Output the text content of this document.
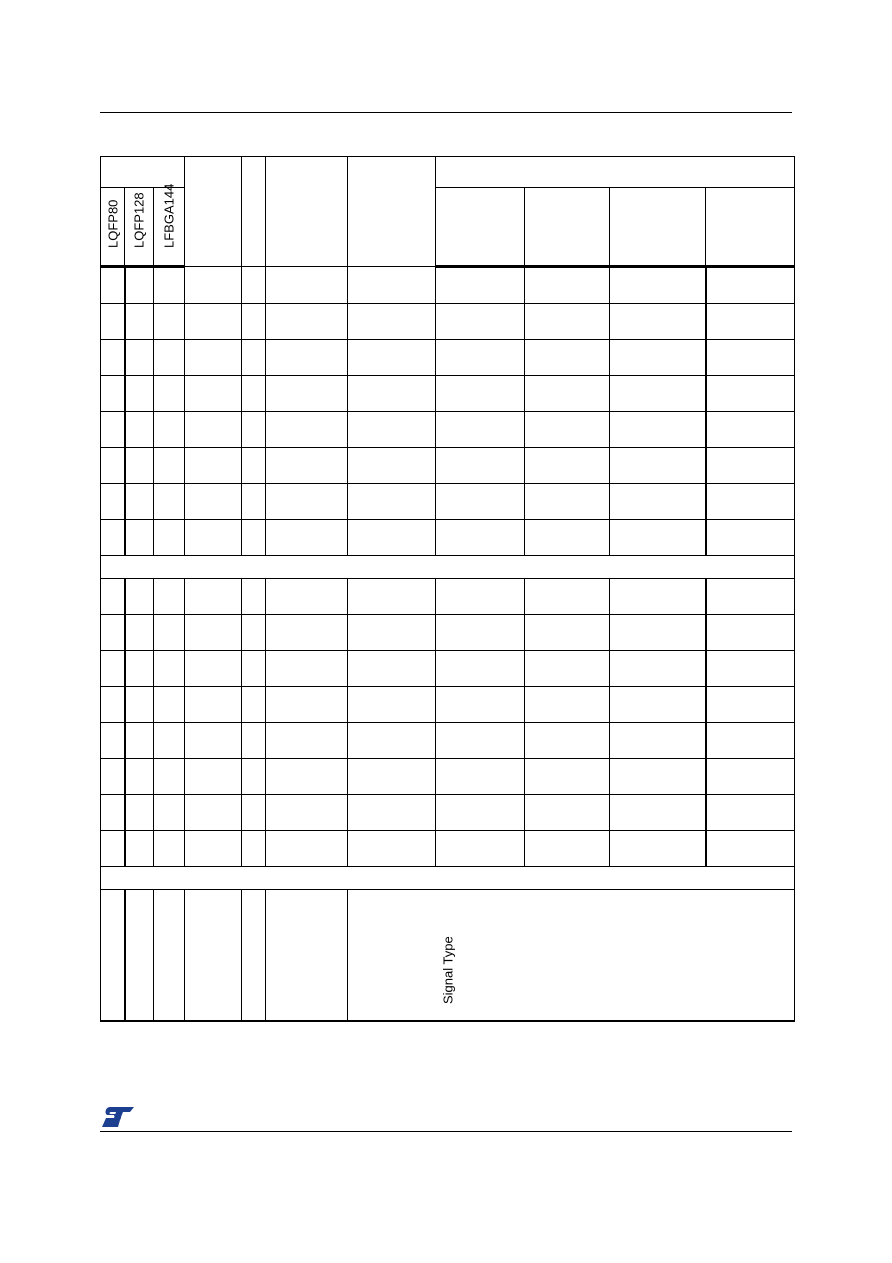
				Signal Type						

LQFP80	LQFP128	LFBGA144								
